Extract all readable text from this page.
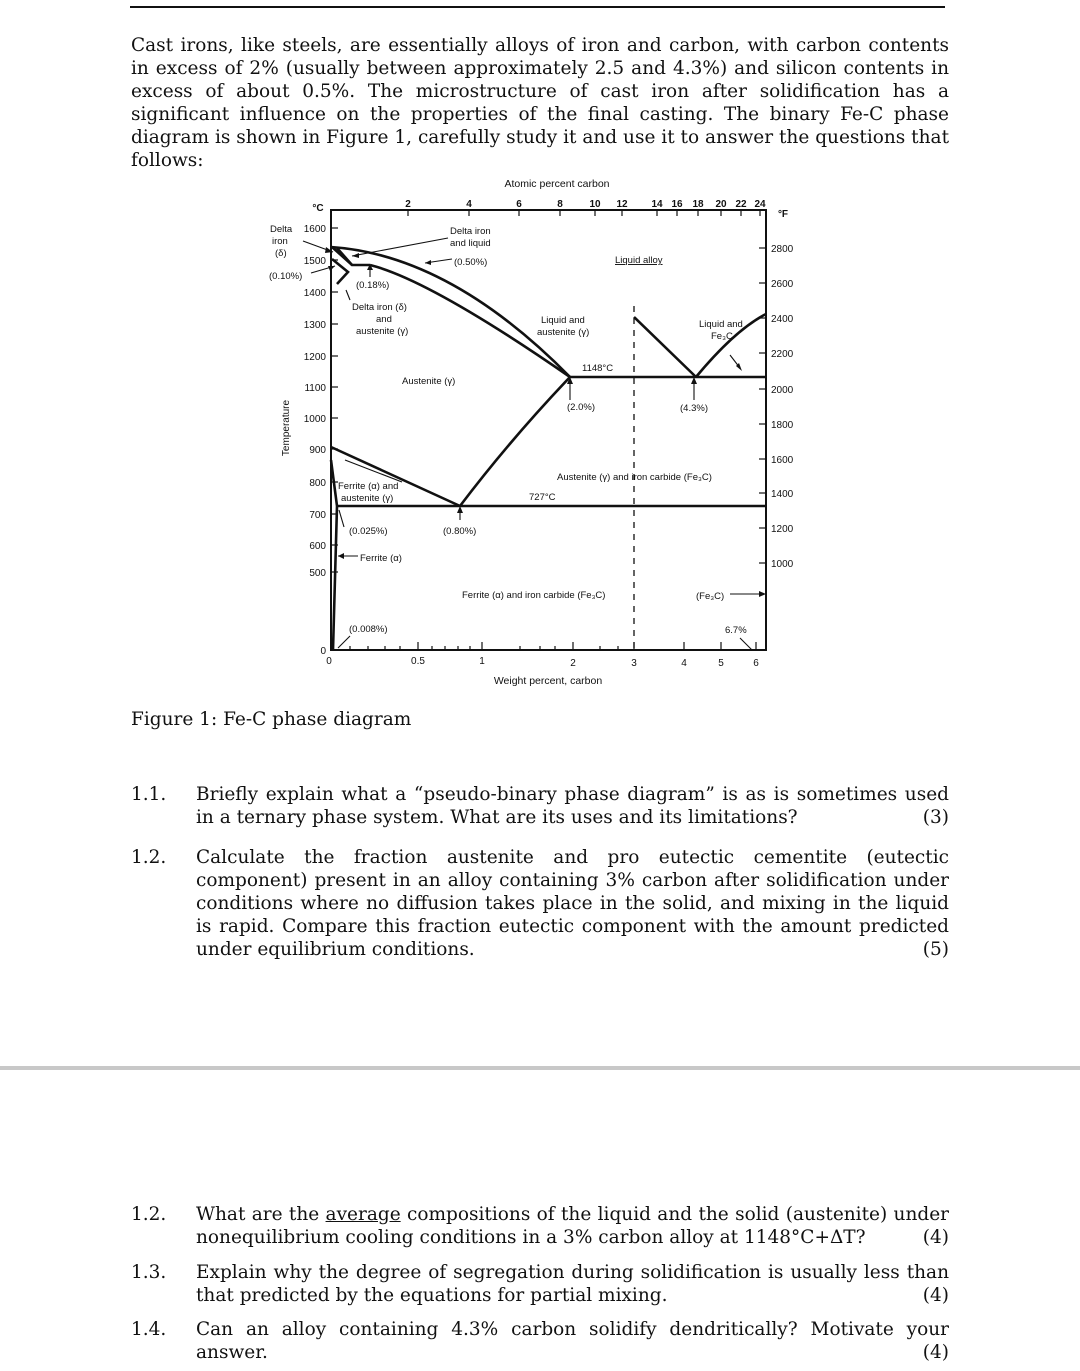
Cast irons, like steels, are essentially alloys of iron and carbon, with carbon contents in excess of 2% (usually between approximately 2.5 and 4.3%) and silicon contents in excess of about 0.5%. The microstructure of cast iron after solidification has a significant influence on the properties of the final casting. The binary Fe-C phase diagram is shown in Figure 1, carefully study it and use it to answer the questions that follows:
Atomic percent carbon
2	4	6	8	10 12 14 16 18 20 22 24
°C
°F
1600
1500
1400
1300
1200
1100
1000
900
800
700
600
500
0
2800
2600
2400
2200
2000
1800
1600
1400
1200
1000
0	0.5	1	2	3	4	5	6
Weight percent, carbon
Temperature
Delta
iron
(δ)
(0.10%)
(0.18%)
Delta iron
and liquid
(0.50%)	Liquid alloy
Delta iron (δ)
and
austenite (γ)
Liquid and
austenite (γ)
Liquid and
Fe₃C
1148°C
Austenite (γ)
(2.0%)	(4.3%)
Austenite (γ) and iron carbide (Fe₃C)
Ferrite (α) and
austenite (γ)	727°C
(0.025%)	(0.80%)
Ferrite (α)
Ferrite (α) and iron carbide (Fe₃C)	(Fe₃C)
6.7%
(0.008%)
Figure 1: Fe-C phase diagram
1.1. Briefly explain what a “pseudo-binary phase diagram” is as is sometimes used in a ternary phase system. What are its uses and its limitations?	(3)
1.2. Calculate the fraction austenite and pro eutectic cementite (eutectic component) present in an alloy containing 3% carbon after solidification under conditions where no diffusion takes place in the solid, and mixing in the liquid is rapid. Compare this fraction eutectic component with the amount predicted under equilibrium conditions.	(5)
1.2. What are the average compositions of the liquid and the solid (austenite) under nonequilibrium cooling conditions in a 3% carbon alloy at 1148°C+ΔT?	(4)
1.3. Explain why the degree of segregation during solidification is usually less than that predicted by the equations for partial mixing.	(4)
1.4. Can an alloy containing 4.3% carbon solidify dendritically? Motivate your answer.	(4)
